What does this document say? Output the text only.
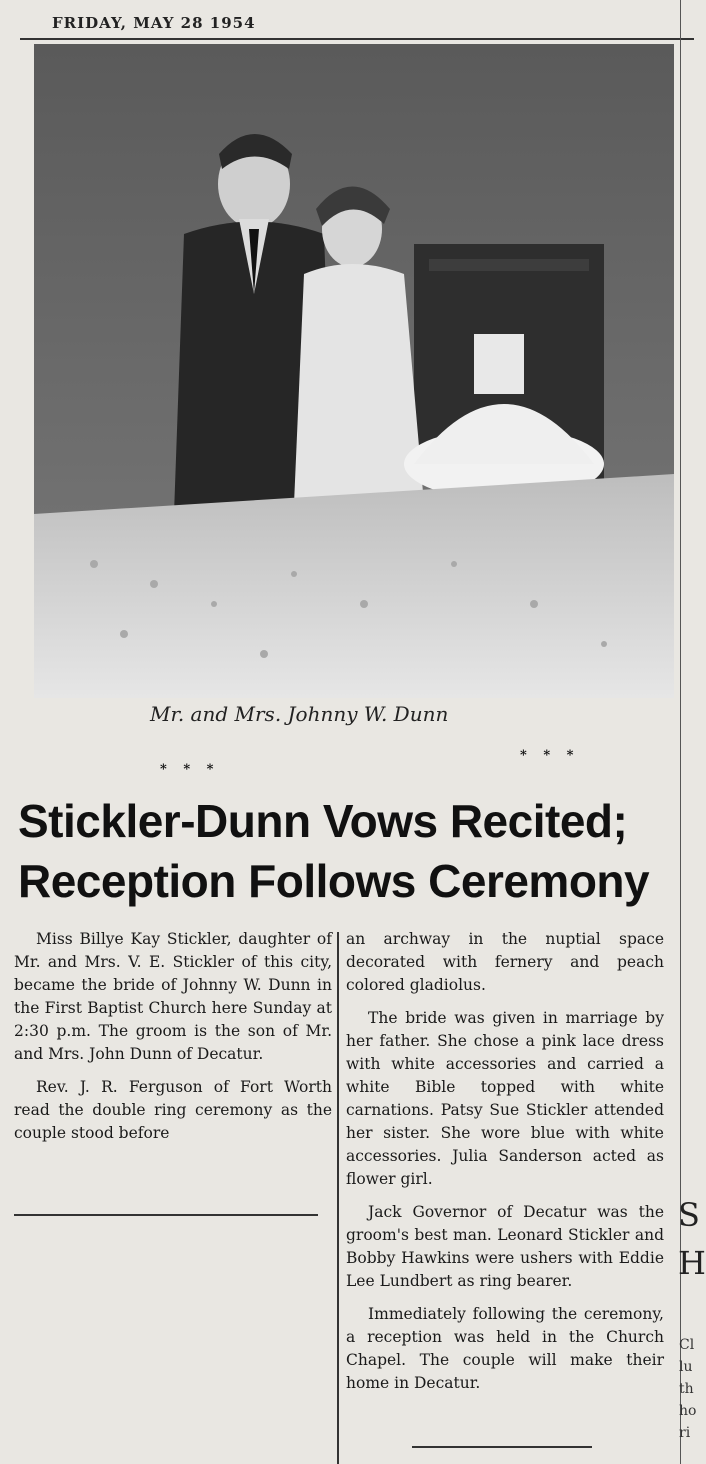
FRIDAY, MAY 28 1954
Mr. and Mrs. Johnny W. Dunn
* * *
* * *
Stickler-Dunn Vows Recited;
Reception Follows Ceremony

Miss Billye Kay Stickler, daughter of Mr. and Mrs. V. E. Stickler of this city, became the bride of Johnny W. Dunn in the First Baptist Church here Sunday at 2:30 p.m. The groom is the son of Mr. and Mrs. John Dunn of Decatur.

Rev. J. R. Ferguson of Fort Worth read the double ring ceremony as the couple stood before

an archway in the nuptial space decorated with fernery and peach colored gladiolus.

The bride was given in marriage by her father. She chose a pink lace dress with white accessories and carried a white Bible topped with white carnations. Patsy Sue Stickler attended her sister. She wore blue with white accessories. Julia Sanderson acted as flower girl.

Jack Governor of Decatur was the groom's best man. Leonard Stickler and Bobby Hawkins were ushers with Eddie Lee Lundbert as ring bearer.

Immediately following the ceremony, a reception was held in the Church Chapel. The couple will make their home in Decatur.

S
H
Cl
lu
th
ho
ri
